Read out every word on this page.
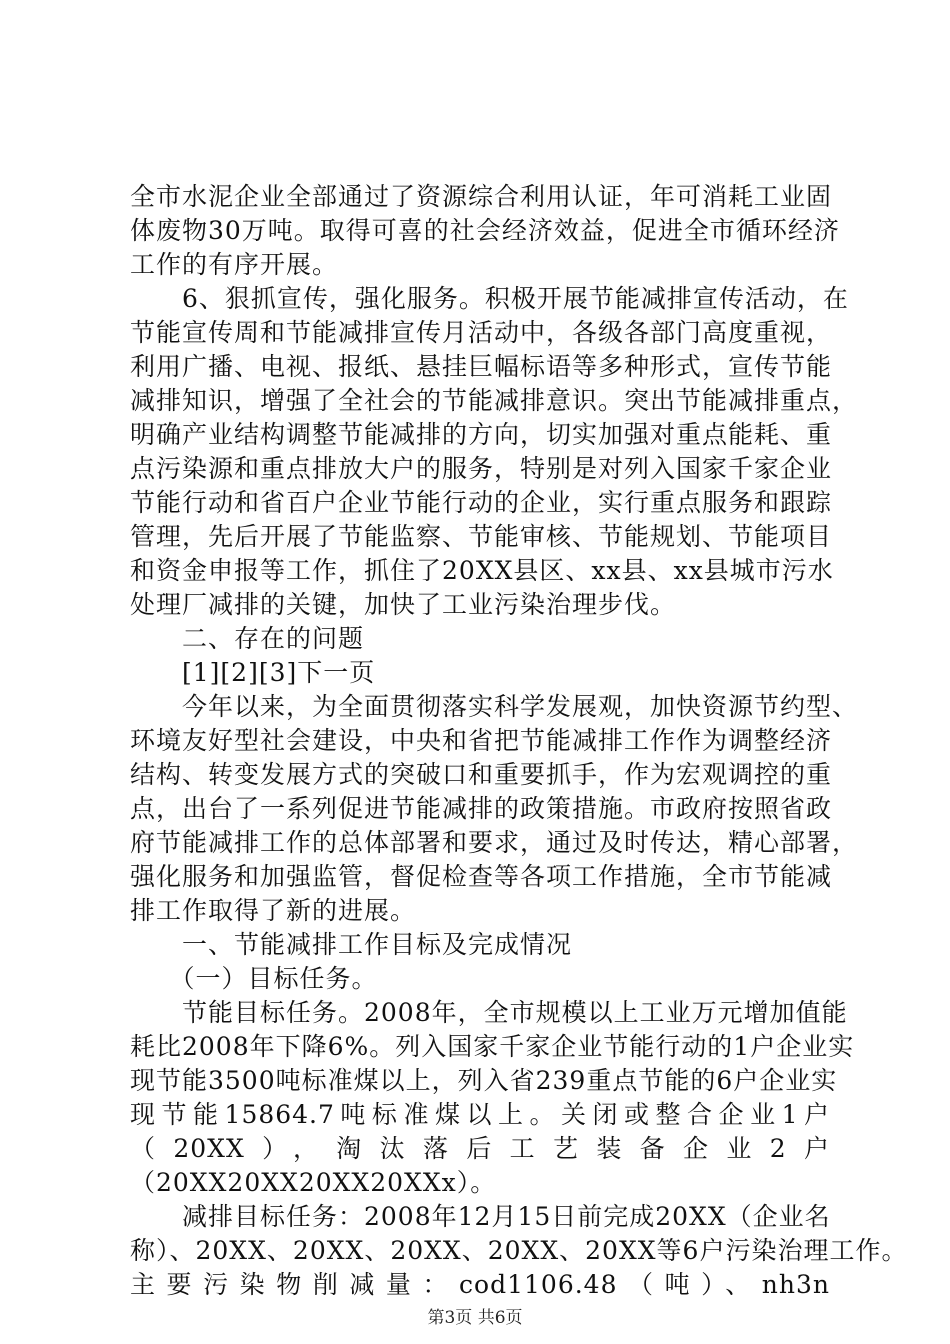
全市水泥企业全部通过了资源综合利用认证，年可消耗工业固
体废物30万吨。取得可喜的社会经济效益，促进全市循环经济
工作的有序开展。
　　6、狠抓宣传，强化服务。积极开展节能减排宣传活动，在
节能宣传周和节能减排宣传月活动中，各级各部门高度重视，
利用广播、电视、报纸、悬挂巨幅标语等多种形式，宣传节能
减排知识，增强了全社会的节能减排意识。突出节能减排重点，
明确产业结构调整节能减排的方向，切实加强对重点能耗、重
点污染源和重点排放大户的服务，特别是对列入国家千家企业
节能行动和省百户企业节能行动的企业，实行重点服务和跟踪
管理，先后开展了节能监察、节能审核、节能规划、节能项目
和资金申报等工作，抓住了20XX县区、xx县、xx县城市污水
处理厂减排的关键，加快了工业污染治理步伐。
　　二、存在的问题
　　[1][2][3]下一页
　　今年以来，为全面贯彻落实科学发展观，加快资源节约型、
环境友好型社会建设，中央和省把节能减排工作作为调整经济
结构、转变发展方式的突破口和重要抓手，作为宏观调控的重
点，出台了一系列促进节能减排的政策措施。市政府按照省政
府节能减排工作的总体部署和要求，通过及时传达，精心部署，
强化服务和加强监管，督促检查等各项工作措施，全市节能减
排工作取得了新的进展。
　　一、节能减排工作目标及完成情况
　　（一）目标任务。
　　节能目标任务。2008年，全市规模以上工业万元增加值能
耗比2008年下降6%。列入国家千家企业节能行动的1户企业实
现节能3500吨标准煤以上，列入省239重点节能的6户企业实
现节能15864.7吨标准煤以上。关闭或整合企业1户
（20XX），淘汰落后工艺装备企业2户
（20XX20XX20XX20XXx）。
　　减排目标任务：2008年12月15日前完成20XX（企业名
称）、20XX、20XX、20XX、20XX、20XX等6户污染治理工作。
主要污染物削减量：cod1106.48（吨）、nh3n
第3页 共6页
